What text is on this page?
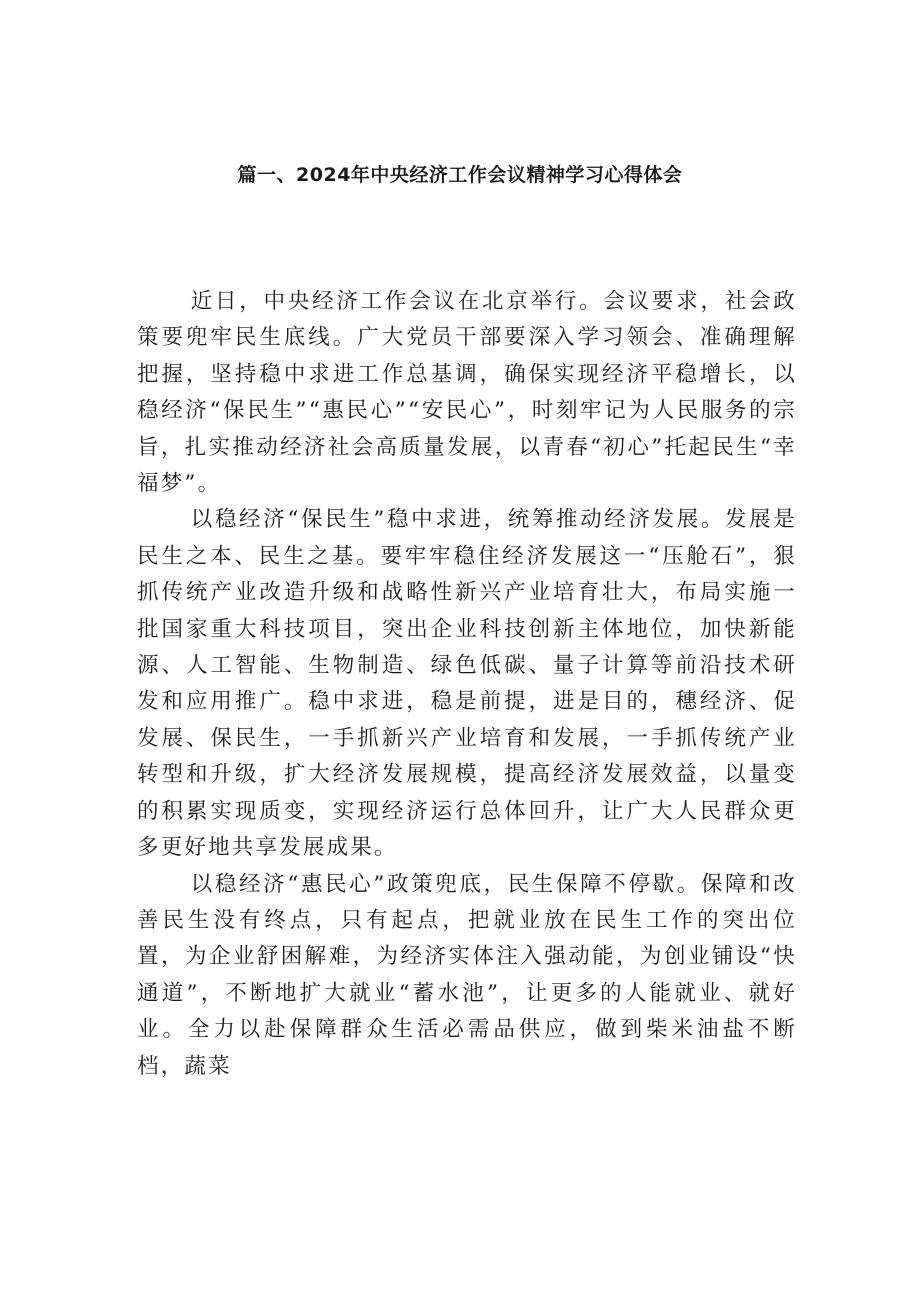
篇一、2024年中央经济工作会议精神学习心得体会

近日，中央经济工作会议在北京举行。会议要求，社会政策要兜牢民生底线。广大党员干部要深入学习领会、准确理解把握，坚持稳中求进工作总基调，确保实现经济平稳增长，以稳经济“保民生”“惠民心”“安民心”，时刻牢记为人民服务的宗旨，扎实推动经济社会高质量发展，以青春“初心”托起民生“幸福梦”。

以稳经济“保民生”稳中求进，统筹推动经济发展。发展是民生之本、民生之基。要牢牢稳住经济发展这一“压舱石”，狠抓传统产业改造升级和战略性新兴产业培育壮大，布局实施一批国家重大科技项目，突出企业科技创新主体地位，加快新能源、人工智能、生物制造、绿色低碳、量子计算等前沿技术研发和应用推广。稳中求进，稳是前提，进是目的，穗经济、促发展、保民生，一手抓新兴产业培育和发展，一手抓传统产业转型和升级，扩大经济发展规模，提高经济发展效益，以量变的积累实现质变，实现经济运行总体回升，让广大人民群众更多更好地共享发展成果。

以稳经济“惠民心”政策兜底，民生保障不停歇。保障和改善民生没有终点，只有起点，把就业放在民生工作的突出位置，为企业舒困解难，为经济实体注入强动能，为创业铺设“快通道”，不断地扩大就业“蓄水池”，让更多的人能就业、就好业。全力以赴保障群众生活必需品供应，做到柴米油盐不断档，蔬菜
